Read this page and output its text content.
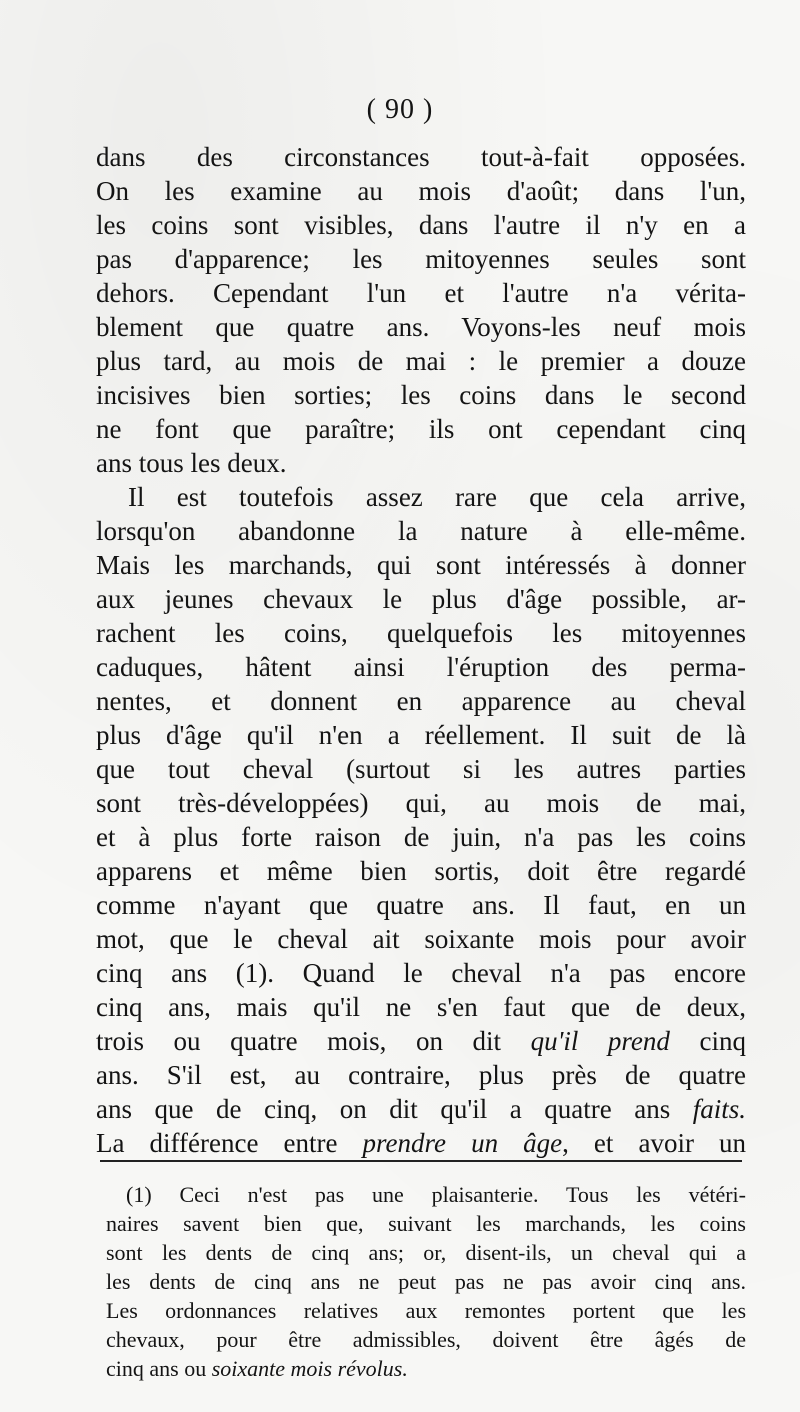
( 90 )
dans des circonstances tout-à-fait opposées.
On les examine au mois d'août; dans l'un,
les coins sont visibles, dans l'autre il n'y en a
pas d'apparence; les mitoyennes seules sont
dehors. Cependant l'un et l'autre n'a vérita-
blement que quatre ans. Voyons-les neuf mois
plus tard, au mois de mai : le premier a douze
incisives bien sorties; les coins dans le second
ne font que paraître; ils ont cependant cinq
ans tous les deux.
Il est toutefois assez rare que cela arrive,
lorsqu'on abandonne la nature à elle-même.
Mais les marchands, qui sont intéressés à donner
aux jeunes chevaux le plus d'âge possible, ar-
rachent les coins, quelquefois les mitoyennes
caduques, hâtent ainsi l'éruption des perma-
nentes, et donnent en apparence au cheval
plus d'âge qu'il n'en a réellement. Il suit de là
que tout cheval (surtout si les autres parties
sont très-développées) qui, au mois de mai,
et à plus forte raison de juin, n'a pas les coins
apparens et même bien sortis, doit être regardé
comme n'ayant que quatre ans. Il faut, en un
mot, que le cheval ait soixante mois pour avoir
cinq ans (1). Quand le cheval n'a pas encore
cinq ans, mais qu'il ne s'en faut que de deux,
trois ou quatre mois, on dit qu'il prend cinq
ans. S'il est, au contraire, plus près de quatre
ans que de cinq, on dit qu'il a quatre ans faits.
La différence entre prendre un âge, et avoir un
(1) Ceci n'est pas une plaisanterie. Tous les vétéri-
naires savent bien que, suivant les marchands, les coins
sont les dents de cinq ans; or, disent-ils, un cheval qui a
les dents de cinq ans ne peut pas ne pas avoir cinq ans.
Les ordonnances relatives aux remontes portent que les
chevaux, pour être admissibles, doivent être âgés de
cinq ans ou soixante mois révolus.
